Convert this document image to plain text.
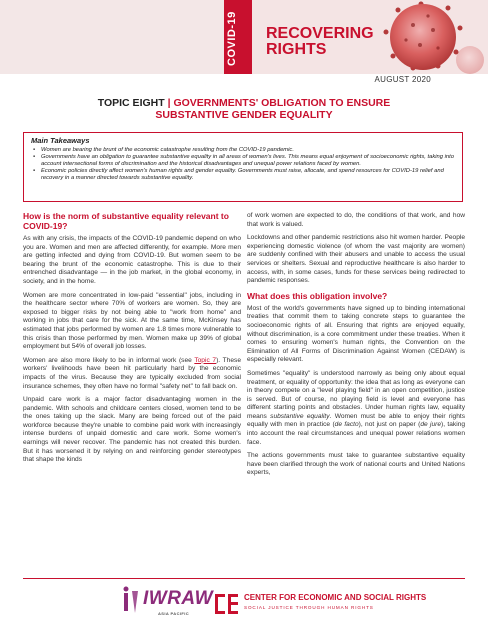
COVID-19 RECOVERING
RIGHTS
AUGUST 2020
TOPIC EIGHT | GOVERNMENTS' OBLIGATION TO ENSURE
SUBSTANTIVE GENDER EQUALITY
Main Takeaways
▪ Women are bearing the brunt of the economic catastrophe resulting from the COVID-19 pandemic.
▪ Governments have an obligation to guarantee substantive equality in all areas of women's lives. This means equal enjoyment of socioeconomic rights, taking into account intersectional forms of discrimination and the historical disadvantages and unequal power relations faced by women.
▪ Economic policies directly affect women's human rights and gender equality. Governments must raise, allocate, and spend resources for COVID-19 relief and recovery in a manner directed towards substantive equality.
How is the norm of substantive equality relevant to COVID-19?

As with any crisis, the impacts of the COVID-19 pandemic depend on who you are. Women and men are affected differently, for example. More men are getting infected and dying from COVID-19. But women seem to be bearing the brunt of the economic catastrophe. This is due to their entrenched disadvantage — in the job market, in the global economy, in society, and in the home.

Women are more concentrated in low-paid "essential" jobs, including in the healthcare sector where 70% of workers are women. So, they are exposed to bigger risks by not being able to "work from home" and working in jobs that care for the sick. At the same time, McKinsey has estimated that jobs performed by women are 1.8 times more vulnerable to this crisis than those performed by men. Women make up 39% of global employment but 54% of overall job losses.

Women are also more likely to be in informal work (see Topic 7). These workers' livelihoods have been hit particularly hard by the economic impacts of the virus. Because they are typically excluded from social insurance schemes, they often have no formal "safety net" to fall back on.

Unpaid care work is a major factor disadvantaging women in the pandemic. With schools and childcare centers closed, women tend to be the ones taking up the slack. Many are being forced out of the paid workforce because they're unable to combine paid work with increasingly intense burdens of unpaid domestic and care work. Some women's earnings will never recover. The pandemic has not created this burden. But it has worsened it by relying on and reinforcing gender stereotypes that shape the kinds

of work women are expected to do, the conditions of that work, and how that work is valued.

Lockdowns and other pandemic restrictions also hit women harder. People experiencing domestic violence (of whom the vast majority are women) are suddenly confined with their abusers and unable to access the usual services or shelters. Sexual and reproductive healthcare is also harder to access, with, in some cases, funds for these services being redirected to pandemic responses.

What does this obligation involve?

Most of the world's governments have signed up to binding international treaties that commit them to taking concrete steps to guarantee the socioeconomic rights of all. Ensuring that rights are enjoyed equally, without discrimination, is a core commitment under these treaties. When it comes to ensuring women's human rights, the Convention on the Elimination of All Forms of Discrimination Against Women (CEDAW) is especially relevant.

Sometimes "equality" is understood narrowly as being only about equal treatment, or equality of opportunity: the idea that as long as everyone can in theory compete on a "level playing field" in an open competition, justice is served. But of course, no playing field is level and everyone has different starting points and obstacles. Under human rights law, equality means substantive equality. Women must be able to enjoy their rights equally with men in practice (de facto), not just on paper (de jure), taking into account the real circumstances and unequal power relations women face.

The actions governments must take to guarantee substantive equality have been clarified through the work of national courts and United Nations experts,

IWRAW
ASIA PACIFIC
CENTER FOR ECONOMIC AND SOCIAL RIGHTS
SOCIAL JUSTICE THROUGH HUMAN RIGHTS
